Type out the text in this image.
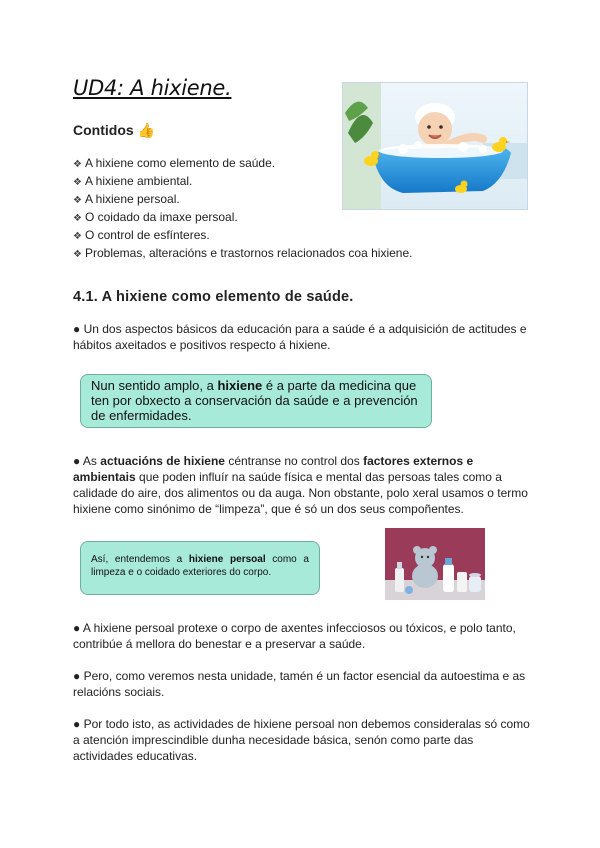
UD4: A hixiene.
Contidos 👍
❖ A hixiene como elemento de saúde.
❖ A hixiene ambiental.
❖ A hixiene persoal.
❖ O coidado da imaxe persoal.
❖ O control de esfínteres.
❖ Problemas, alteracións e trastornos relacionados coa hixiene.
4.1. A hixiene como elemento de saúde.
● Un dos aspectos básicos da educación para a saúde é a adquisición de actitudes e hábitos axeitados e positivos respecto á hixiene.
Nun sentido amplo, a hixiene é a parte da medicina que ten por obxecto a conservación da saúde e a prevención de enfermidades.
● As actuacións de hixiene céntranse no control dos factores externos e ambientais que poden influír na saúde física e mental das persoas tales como a calidade do aire, dos alimentos ou da auga. Non obstante, polo xeral usamos o termo hixiene como sinónimo de “limpeza”, que é só un dos seus compoñentes.
Así, entendemos a hixiene persoal como a limpeza e o coidado exteriores do corpo.
● A hixiene persoal protexe o corpo de axentes infecciosos ou tóxicos, e polo tanto, contribúe á mellora do benestar e a preservar a saúde.
● Pero, como veremos nesta unidade, tamén é un factor esencial da autoestima e as relacións sociais.
● Por todo isto, as actividades de hixiene persoal non debemos consideralas só como a atención imprescindible dunha necesidade básica, senón como parte das actividades educativas.
